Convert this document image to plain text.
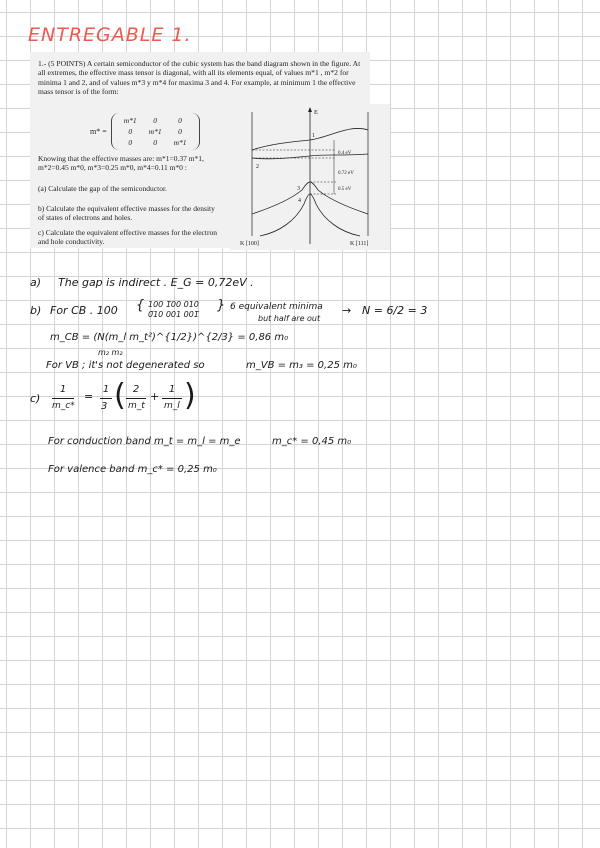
ENTREGABLE 1.
1.- (5 POINTS) A certain semiconductor of the cubic system has the band diagram shown in the figure. At all extremes, the effective mass tensor is diagonal, with all its elements equal, of values m*1 , m*2 for minima 1 and 2, and of values m*3 y m*4 for maxima 3 and 4. For example, at minimum 1 the effective mass tensor is of the form:
m* =
m*1	0	0
0	m*1	0
0	0	m*1
Knowing that the effective masses are: m*1=0.37 m*1, m*2=0.45 m*0, m*3=0.25 m*0, m*4=0.11 m*0 :
(a) Calculate the gap of the semiconductor.
b) Calculate the equivalent effective masses for the density of states of electrons and holes.
c) Calculate the equivalent effective masses for the electron and hole conductivity.
E
0.4 eV
0.72 eV
0.5 eV
1
2
3
4
K [100]	K [111]
a) The gap is indirect . E_G = 0,72eV .
b) For CB . 100 { 100 1̄00 010
0̄10 001 001̄
} 6 equivalent minima
but half are out
→ N = 6/2 = 3
m_CB = (N(m_l m_t²)^{1/2})^{2/3} = 0,86 m₀
m₂ m₂
For VB ; it's not degenerated so	m_VB = m₃ = 0,25 m₀
c)
1
m_c*
=
1
3 ( 2
m_t
+
1
m_l )
For conduction band m_t = m_l = m_e	m_c* = 0,45 m₀
For valence band m_c* = 0,25 m₀
